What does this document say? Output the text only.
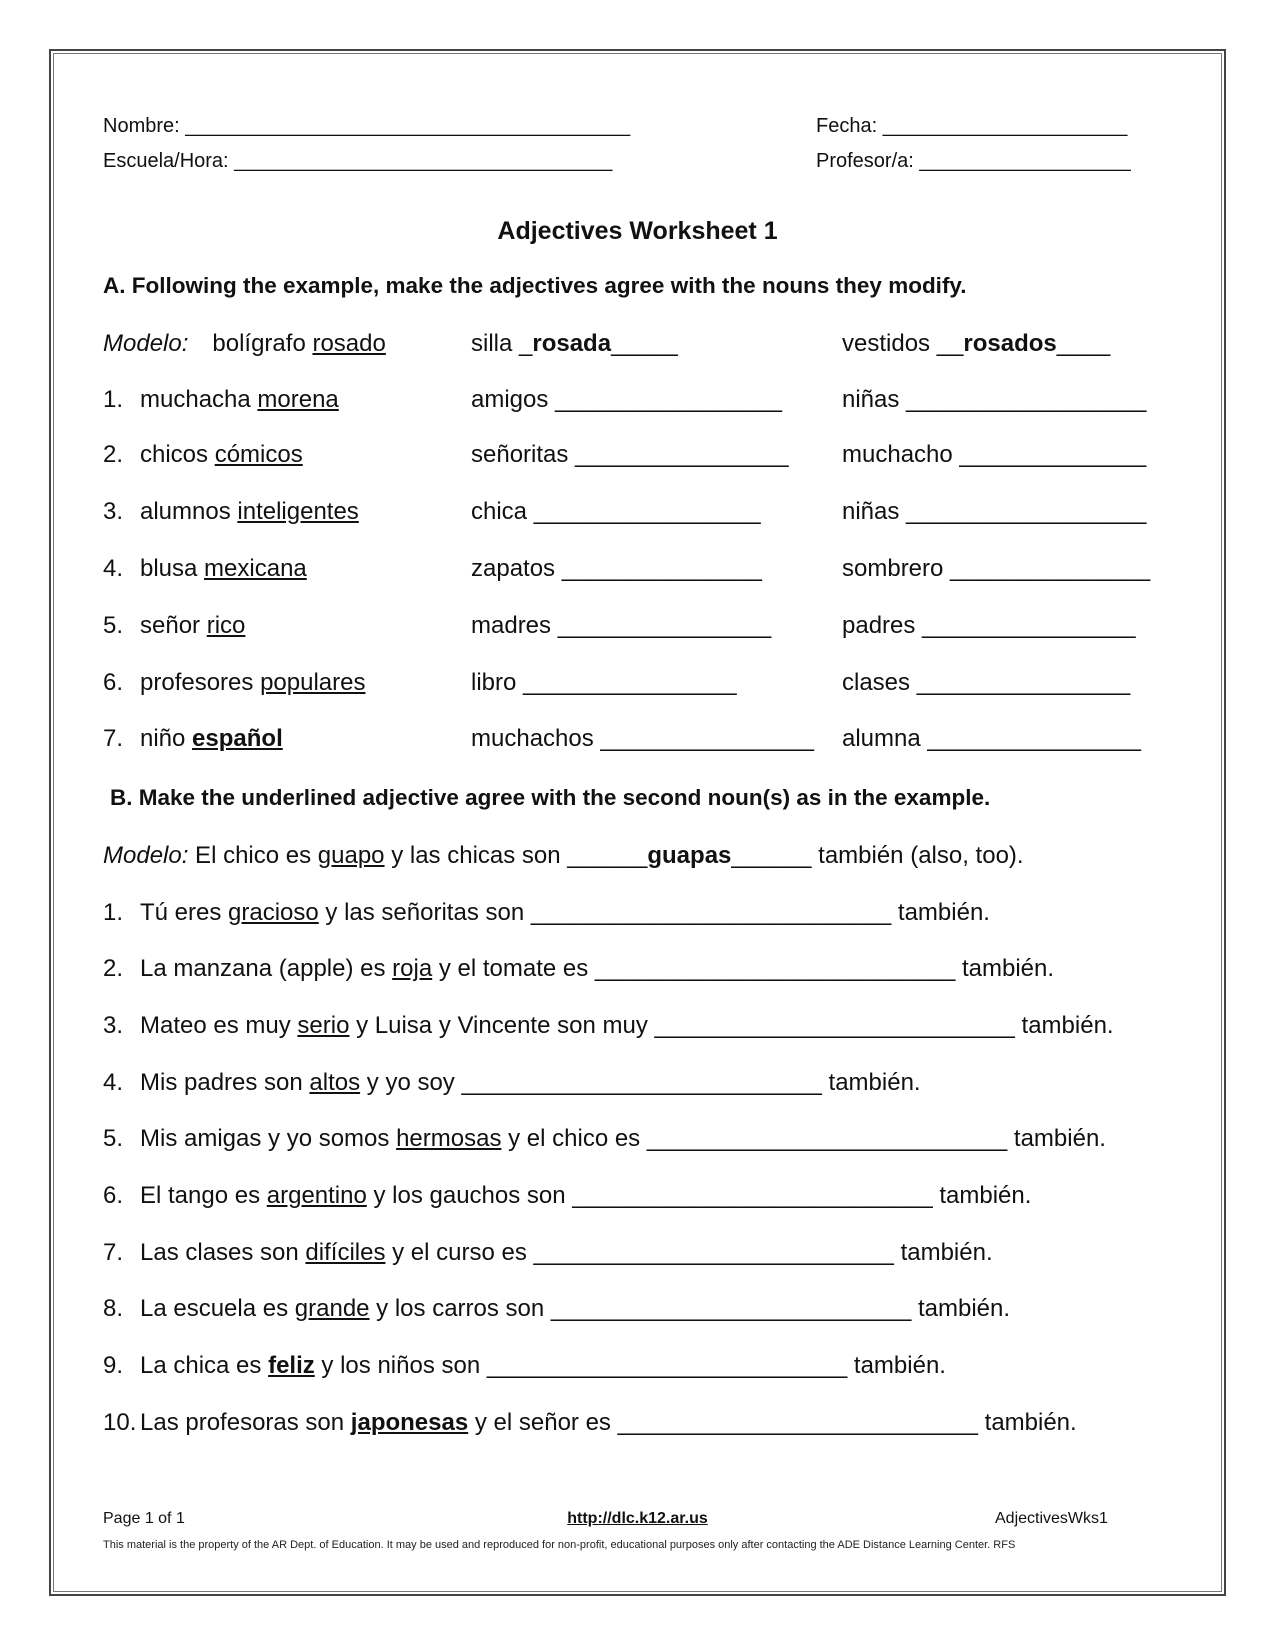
Nombre: ________________________________________	Fecha: ______________________
Escuela/Hora: __________________________________	Profesor/a: ___________________
Adjectives Worksheet 1
A. Following the example, make the adjectives agree with the nouns they modify.
Modelo: bolígrafo rosado	silla _rosada_____	vestidos __rosados____
1. muchacha morena	amigos _________________	niñas __________________
2. chicos cómicos	señoritas ________________ muchacho ______________
3. alumnos inteligentes	chica _________________	niñas __________________
4. blusa mexicana	zapatos _______________	sombrero _______________
5. señor rico	madres ________________	padres ________________
6. profesores populares	libro ________________	clases ________________
7. niño español	muchachos ________________ alumna ________________
B. Make the underlined adjective agree with the second noun(s) as in the example.
Modelo: El chico es guapo y las chicas son ______guapas______ también (also, too).
1. Tú eres gracioso y las señoritas son ___________________________ también.
2. La manzana (apple) es roja y el tomate es ___________________________ también.
3. Mateo es muy serio y Luisa y Vincente son muy ___________________________ también.
4. Mis padres son altos y yo soy ___________________________ también.
5. Mis amigas y yo somos hermosas y el chico es ___________________________ también.
6. El tango es argentino y los gauchos son ___________________________ también.
7. Las clases son difíciles y el curso es ___________________________ también.
8. La escuela es grande y los carros son ___________________________ también.
9. La chica es feliz y los niños son ___________________________ también.
10. Las profesoras son japonesas y el señor es ___________________________ también.
Page 1 of 1	http://dlc.k12.ar.us	AdjectivesWks1
This material is the property of the AR Dept. of Education. It may be used and reproduced for non-profit, educational purposes only after contacting the ADE Distance Learning Center. RFS
